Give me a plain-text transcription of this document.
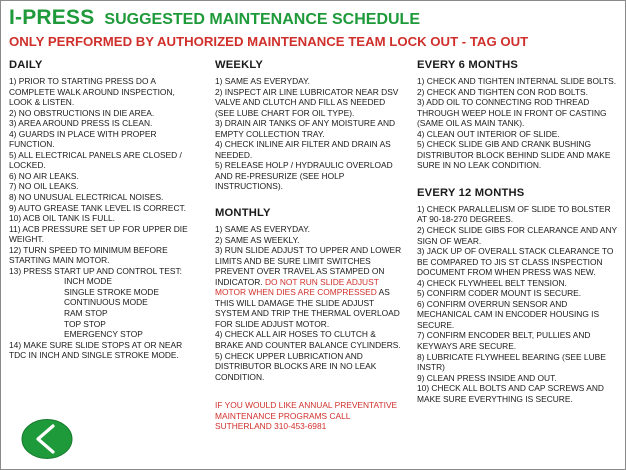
I-PRESS SUGGESTED MAINTENANCE SCHEDULE
ONLY PERFORMED BY AUTHORIZED MAINTENANCE TEAM LOCK OUT - TAG OUT
DAILY

1) PRIOR TO STARTING PRESS DO A COMPLETE WALK AROUND INSPECTION, LOOK & LISTEN.

2) NO OBSTRUCTIONS IN DIE AREA.

3) AREA AROUND PRESS IS CLEAN.

4) GUARDS IN PLACE WITH PROPER FUNCTION.

5) ALL ELECTRICAL PANELS ARE CLOSED / LOCKED.

6) NO AIR LEAKS.

7) NO OIL LEAKS.

8) NO UNUSUAL ELECTRICAL NOISES.

9) AUTO GREASE TANK LEVEL IS CORRECT.

10) ACB OIL TANK IS FULL.

11) ACB PRESSURE SET UP FOR UPPER DIE WEIGHT.

12) TURN SPEED TO MINIMUM BEFORE STARTING MAIN MOTOR.

13) PRESS START UP AND CONTROL TEST:

INCH MODE
SINGLE STROKE MODE
CONTINUOUS MODE
RAM STOP
TOP STOP
EMERGENCY STOP

14) MAKE SURE SLIDE STOPS AT OR NEAR TDC IN INCH AND SINGLE STROKE MODE.

WEEKLY

1) SAME AS EVERYDAY.

2) INSPECT AIR LINE LUBRICATOR NEAR DSV VALVE AND CLUTCH AND FILL AS NEEDED (SEE LUBE CHART FOR OIL TYPE).

3) DRAIN AIR TANKS OF ANY MOISTURE AND EMPTY COLLECTION TRAY.

4) CHECK INLINE AIR FILTER AND DRAIN AS NEEDED.

5) RELEASE HOLP / HYDRAULIC OVERLOAD AND RE-PRESURIZE (SEE HOLP INSTRUCTIONS).

MONTHLY

1) SAME AS EVERYDAY.

2) SAME AS WEEKLY.

3) RUN SLIDE ADJUST TO UPPER AND LOWER LIMITS AND BE SURE LIMIT SWITCHES PREVENT OVER TRAVEL AS STAMPED ON INDICATOR. DO NOT RUN SLIDE ADJUST MOTOR WHEN DIES ARE COMPRESSED AS THIS WILL DAMAGE THE SLIDE ADJUST SYSTEM AND TRIP THE THERMAL OVERLOAD FOR SLIDE ADJUST MOTOR.

4) CHECK ALL AIR HOSES TO CLUTCH & BRAKE AND COUNTER BALANCE CYLINDERS.

5) CHECK UPPER LUBRICATION AND DISTRIBUTOR BLOCKS ARE IN NO LEAK CONDITION.

IF YOU WOULD LIKE ANNUAL PREVENTATIVE MAINTENANCE PROGRAMS CALL SUTHERLAND 310-453-6981

EVERY 6 MONTHS

1) CHECK AND TIGHTEN INTERNAL SLIDE BOLTS.

2) CHECK AND TIGHTEN CON ROD BOLTS.

3) ADD OIL TO CONNECTING ROD THREAD THROUGH WEEP HOLE IN FRONT OF CASTING (SAME OIL AS MAIN TANK).

4) CLEAN OUT INTERIOR OF SLIDE.

5) CHECK SLIDE GIB AND CRANK BUSHING DISTRIBUTOR BLOCK BEHIND SLIDE AND MAKE SURE IN NO LEAK CONDITION.

EVERY 12 MONTHS

1) CHECK PARALLELISM OF SLIDE TO BOLSTER AT 90-18-270 DEGREES.

2) CHECK SLIDE GIBS FOR CLEARANCE AND ANY SIGN OF WEAR.

3) JACK UP OF OVERALL STACK CLEARANCE TO BE COMPARED TO JIS ST CLASS INSPECTION DOCUMENT FROM WHEN PRESS WAS NEW.

4) CHECK FLYWHEEL BELT TENSION.

5) CONFIRM CODER MOUNT IS SECURE.

6) CONFIRM OVERRUN SENSOR AND MECHANICAL CAM IN ENCODER HOUSING IS SECURE.

7) CONFIRM ENCODER BELT, PULLIES AND KEYWAYS ARE SECURE.

8) LUBRICATE FLYWHEEL BEARING (SEE LUBE INSTR)

9) CLEAN PRESS INSIDE AND OUT.

10) CHECK ALL BOLTS AND CAP SCREWS AND MAKE SURE EVERYTHING IS SECURE.
